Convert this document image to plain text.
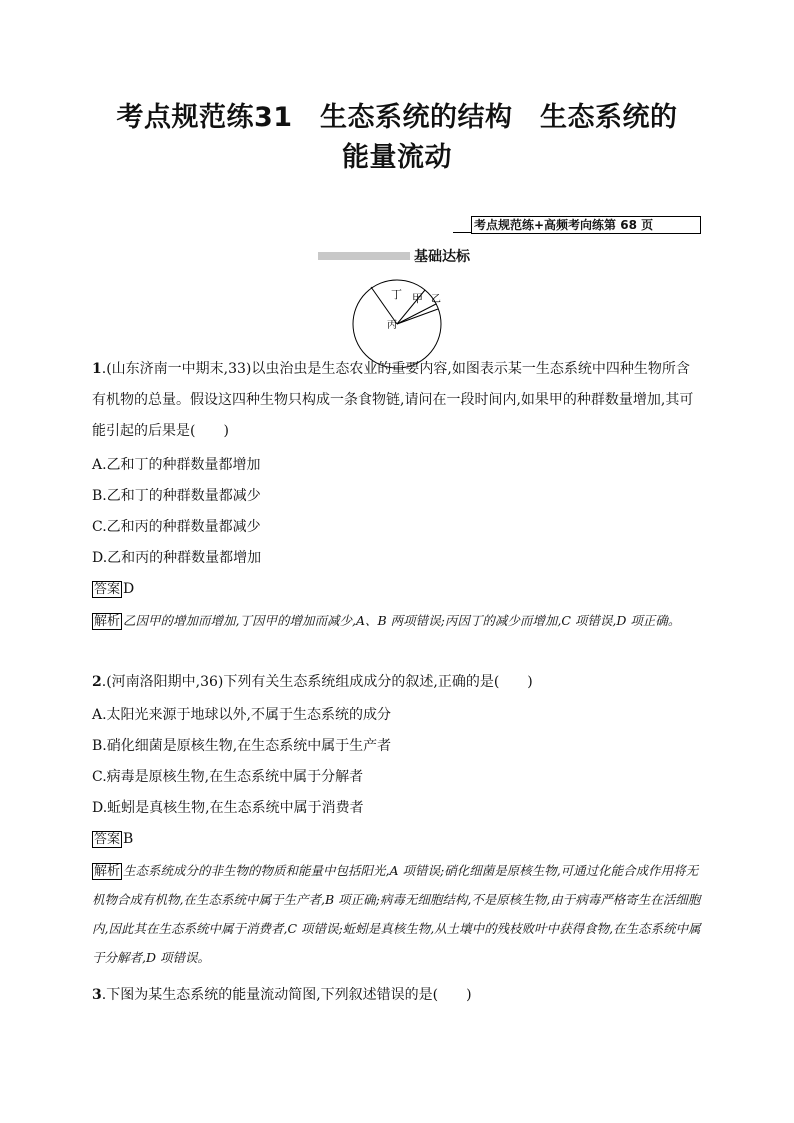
考点规范练31　生态系统的结构　生态系统的
能量流动
考点规范练+高频考向练第 68 页
基础达标
丁 甲 乙
丙
1.(山东济南一中期末,33)以虫治虫是生态农业的重要内容,如图表示某一生态系统中四种生物所含有机物的总量。假设这四种生物只构成一条食物链,请问在一段时间内,如果甲的种群数量增加,其可能引起的后果是(　　)
A.乙和丁的种群数量都增加
B.乙和丁的种群数量都减少
C.乙和丙的种群数量都减少
D.乙和丙的种群数量都增加
答案 D
解析 乙因甲的增加而增加,丁因甲的增加而减少,A、B 两项错误;丙因丁的减少而增加,C 项错误,D 项正确。
2.(河南洛阳期中,36)下列有关生态系统组成成分的叙述,正确的是(　　)
A.太阳光来源于地球以外,不属于生态系统的成分
B.硝化细菌是原核生物,在生态系统中属于生产者
C.病毒是原核生物,在生态系统中属于分解者
D.蚯蚓是真核生物,在生态系统中属于消费者
答案 B
解析 生态系统成分的非生物的物质和能量中包括阳光,A 项错误;硝化细菌是原核生物,可通过化能合成作用将无机物合成有机物,在生态系统中属于生产者,B 项正确;病毒无细胞结构,不是原核生物,由于病毒严格寄生在活细胞内,因此其在生态系统中属于消费者,C 项错误;蚯蚓是真核生物,从土壤中的残枝败叶中获得食物,在生态系统中属于分解者,D 项错误。
3.下图为某生态系统的能量流动简图,下列叙述错误的是(　　)
